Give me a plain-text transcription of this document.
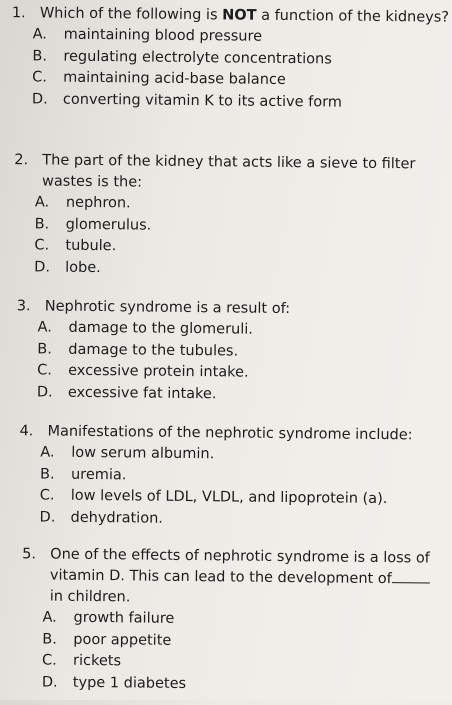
1. Which of the following is NOT a function of the kidneys?
A.	maintaining blood pressure
B.	regulating electrolyte concentrations
C.	maintaining acid-base balance
D.	converting vitamin K to its active form
2. The part of the kidney that acts like a sieve to filter wastes is the:
A.	nephron.
B.	glomerulus.
C.	tubule.
D.	lobe.
3. Nephrotic syndrome is a result of:
A.	damage to the glomeruli.
B.	damage to the tubules.
C.	excessive protein intake.
D.	excessive fat intake.
4. Manifestations of the nephrotic syndrome include:
A.	low serum albumin.
B.	uremia.
C.	low levels of LDL, VLDL, and lipoprotein (a).
D.	dehydration.
5. One of the effects of nephrotic syndrome is a loss of vitamin D. This can lead to the development of in children.
A.	growth failure
B.	poor appetite
C.	rickets
D.	type 1 diabetes
